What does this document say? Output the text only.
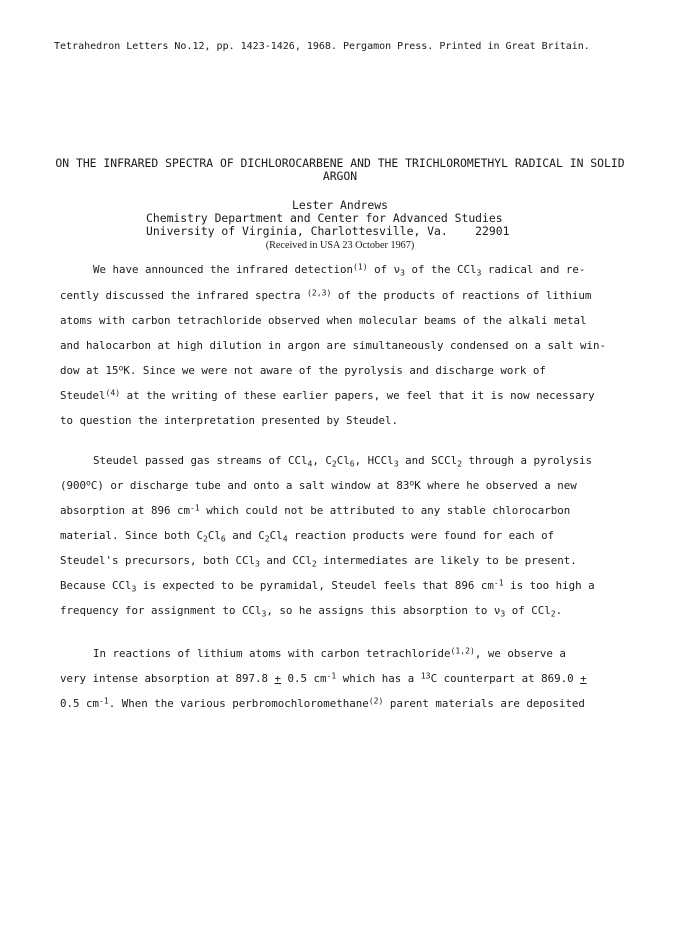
Tetrahedron Letters No.12, pp. 1423-1426, 1968. Pergamon Press. Printed in Great Britain.
ON THE INFRARED SPECTRA OF DICHLOROCARBENE AND THE TRICHLOROMETHYL RADICAL IN SOLID
ARGON
Lester Andrews
Chemistry Department and Center for Advanced Studies
University of Virginia, Charlottesville, Va.    22901
(Received in USA 23 October 1967)
We have announced the infrared detection$^{(1)}$ of $\nu_3$ of the CCl$_3$ radical and re-
cently discussed the infrared spectra $^{(2,3)}$ of the products of reactions of lithium
atoms with carbon tetrachloride observed when molecular beams of the alkali metal
and halocarbon at high dilution in argon are simultaneously condensed on a salt win-
dow at 15$^o$K. Since we were not aware of the pyrolysis and discharge work of
Steudel$^{(4)}$ at the writing of these earlier papers, we feel that it is now necessary
to question the interpretation presented by Steudel.
Steudel passed gas streams of CCl$_4$, $C_2Cl_6$, HCCl$_3$ and SCCl$_2$ through a pyrolysis
(900$^o$C) or discharge tube and onto a salt window at 83$^o$K where he observed a new
absorption at 896 $cm^{-1}$ which could not be attributed to any stable chlorocarbon
material. Since both $C_2Cl_6$ and $C_2Cl_4$ reaction products were found for each of
Steudel's precursors, both CCl$_3$ and CCl$_2$ intermediates are likely to be present.
Because CCl$_3$ is expected to be pyramidal, Steudel feels that 896 $cm^{-1}$ is too high a
frequency for assignment to CCl$_3$, so he assigns this absorption to $\nu_3$ of CCl$_2$.
In reactions of lithium atoms with carbon tetrachloride$^{(1,2)}$, we observe a
very intense absorption at 897.8 + 0.5 $cm^{-1}$ which has a $^{13}$C counterpart at 869.0 +
0.5 $cm^{-1}$. When the various perbromochloromethane$^{(2)}$ parent materials are deposited
